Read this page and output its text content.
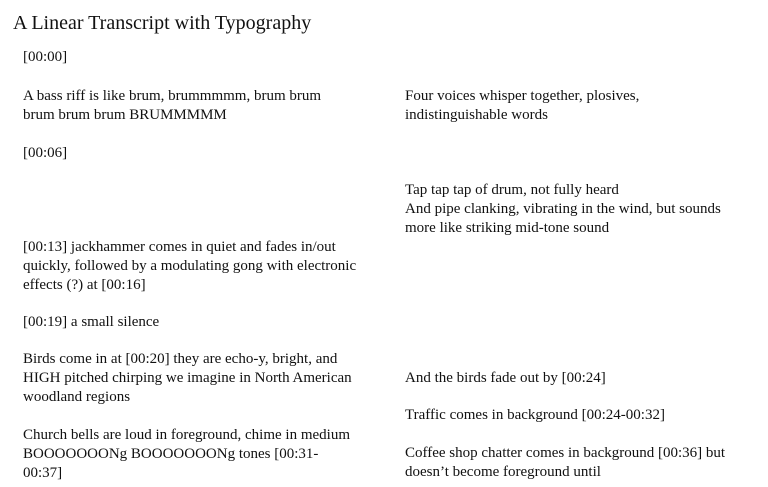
A Linear Transcript with Typography

[00:00]

A bass riff is like brum, brummmmm, brum brum
brum brum brum BRUMMMMM

[00:06]

[00:13] jackhammer comes in quiet and fades in/out
quickly, followed by a modulating gong with electronic
effects (?) at [00:16]

[00:19] a small silence

Birds come in at [00:20] they are echo-y, bright, and
HIGH pitched chirping we imagine in North American
woodland regions

Church bells are loud in foreground, chime in medium
BOOOOOOONg BOOOOOOONg tones [00:31-
00:37]

Four voices whisper together, plosives,
indistinguishable words

Tap tap tap of drum, not fully heard
And pipe clanking, vibrating in the wind, but sounds
more like striking mid-tone sound

And the birds fade out by [00:24]

Traffic comes in background [00:24-00:32]

Coffee shop chatter comes in background [00:36] but
doesn’t become foreground until
